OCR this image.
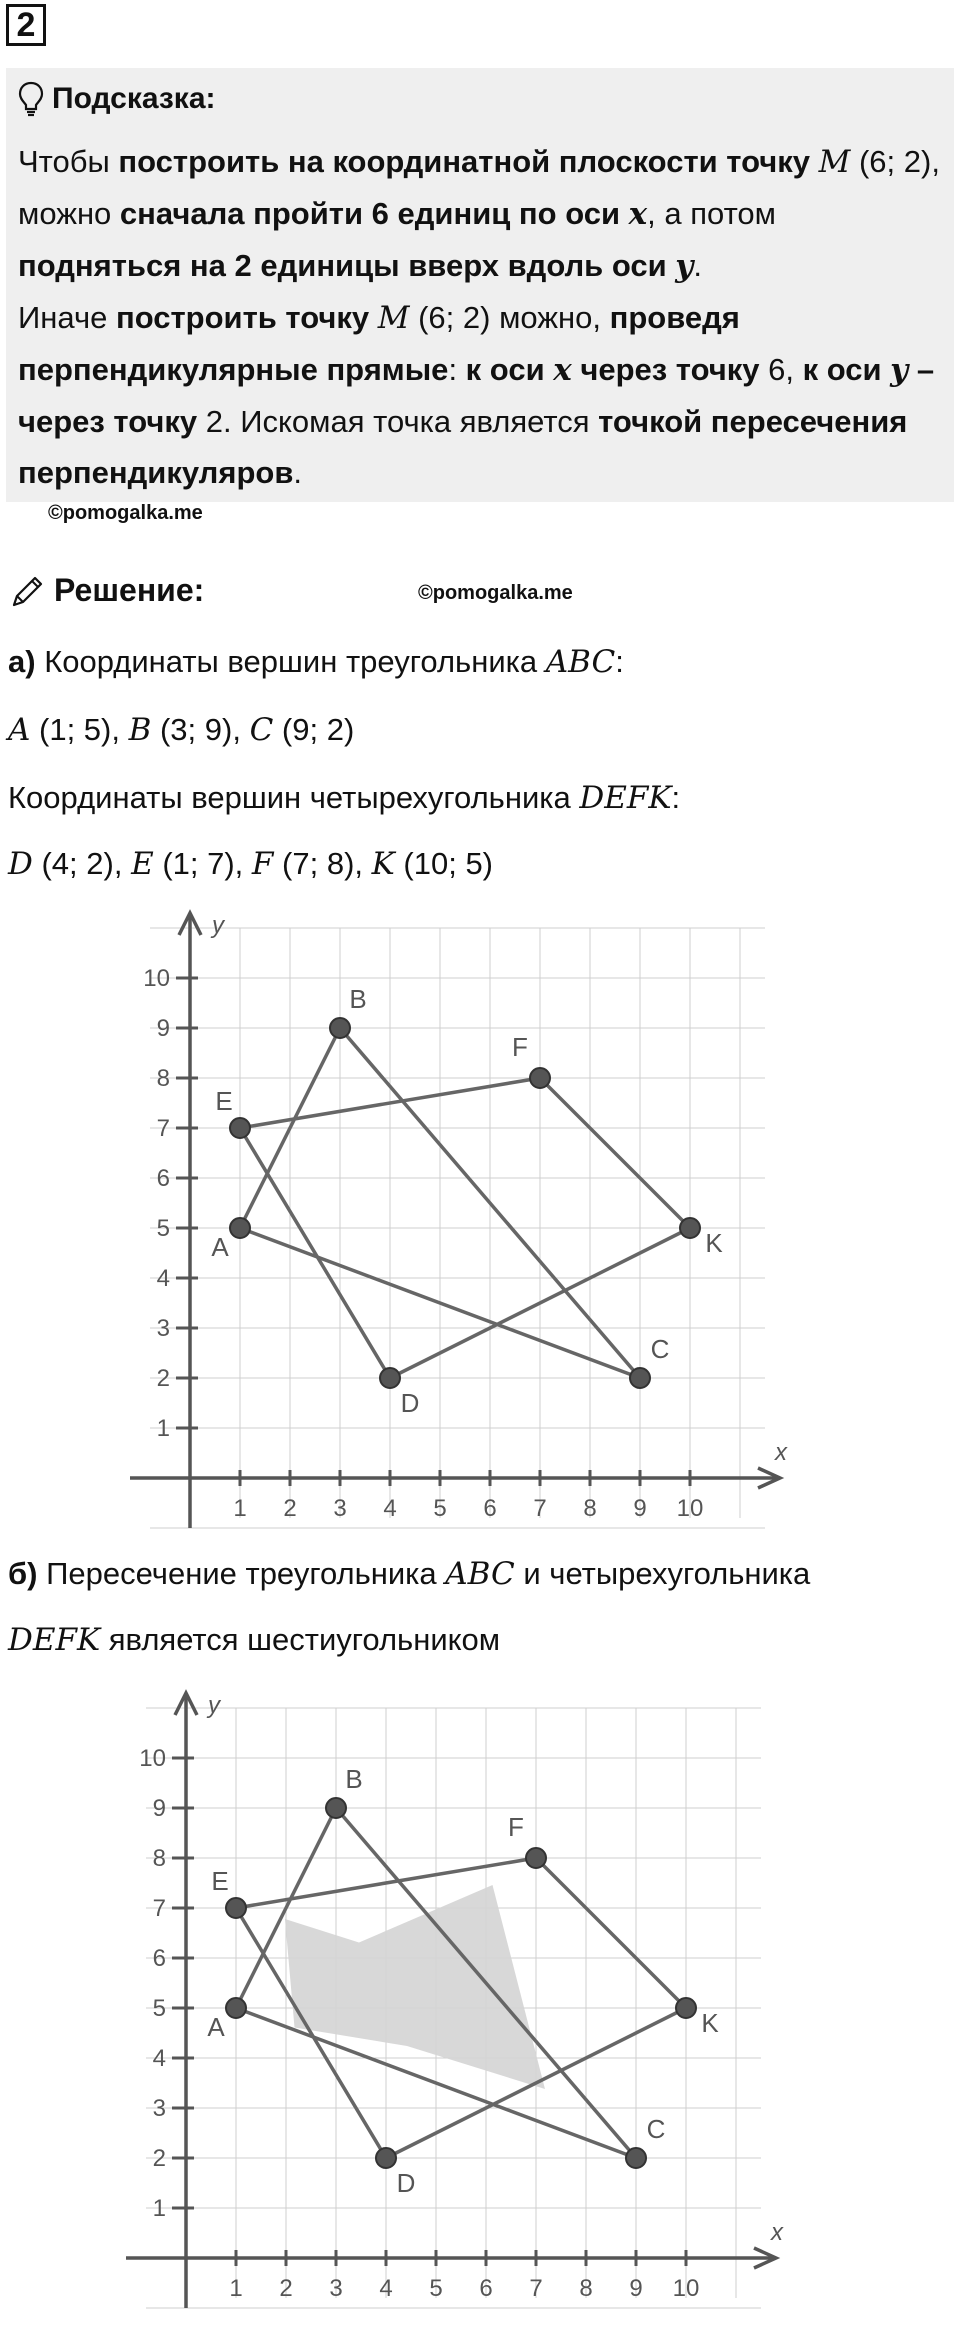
2
Подсказка:

Чтобы построить на координатной плоскости точку M (6; 2), можно сначала пройти 6 единиц по оси x, а потом подняться на 2 единицы вверх вдоль оси y.

Иначе построить точку M (6; 2) можно, проведя перпендикулярные прямые: к оси x через точку 6, к оси y – через точку 2. Искомая точка является точкой пересечения перпендикуляров.

©pomogalka.me
Решение:	©pomogalka.me
а) Координаты вершин треугольника ABC:
A (1; 5), B (3; 9), C (9; 2)
Координаты вершин четырехугольника DEFK:
D (4; 2), E (1; 7), F (7; 8), K (10; 5)
x
y
1 2 3 4 5 6 7 8 9 10
1
2
3
4
5
6
7
8
9
10
A
B
C
D
E
F
K
б) Пересечение треугольника ABC и четырехугольника
DEFK является шестиугольником
x
y
1 2 3 4 5 6 7 8 9 10
1
2
3
4
5
6
7
8
9
10
A
B
C
D
E
F
K
